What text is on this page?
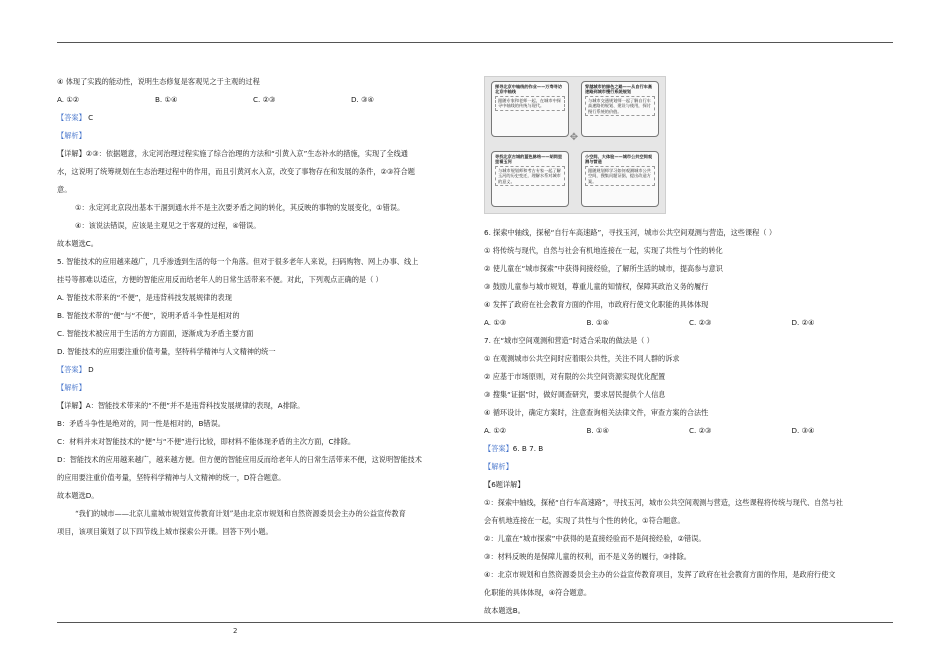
④ 体现了实践的能动性，说明生态修复是客观见之于主观的过程
A. ①②	B. ①④	C. ②③	D. ③④
【答案】 C
【解析】
【详解】②③：依据题意，永定河治理过程实施了综合治理的方法和“引黄入京”生态补水的措施，实现了全线通
水，这说明了统筹规划在生态治理过程中的作用，而且引黄河水入京，改变了事物存在和发展的条件，②③符合题
意。
①：永定河北京段出基本干涸到通水并不是主次要矛盾之间的转化，其反映的事物的发展变化，①错误。
④：该说法错误，应该是主观见之于客观的过程，④错误。
故本题选C。
5. 智能技术的应用越来越广，几乎渗透到生活的每一个角落。但对于很多老年人来说，扫码购物、网上办事、线上
挂号等都难以适应，方便的智能应用反而给老年人的日常生活带来不便。对此，下列观点正确的是（ ）
A. 智能技术带来的“不便”，是违背科技发展规律的表现
B. 智能技术带的“便”与“不便”，说明矛盾斗争性是相对的
C. 智能技术被应用于生活的方方面面，逐渐成为矛盾主要方面
D. 智能技术的应用要注重价值考量，坚特科学精神与人文精神的统一
【答案】 D
【解析】
【详解】A：智能技术带来的“不便”并不是违背科技发展规律的表现，A排除。
B：矛盾斗争性是绝对的，同一性是相对的，B错误。
C：材料并未对智能技术的“便”与“不便”进行比较，即材料不能体现矛盾的主次方面，C排除。
D：智能技术的应用越来越广，越来越方便。但方便的智能应用反而给老年人的日常生活带来不便，这说明智能技术
的应用要注重价值考量，坚特科学精神与人文精神的统一，D符合题意。
故本题选D。
“我们的城市——北京儿童城市规划宣传教育计划”是由北京市规划和自然资源委员会主办的公益宣传教育
项目，该项目策划了以下四节线上城市探索公开课。回答下列小题。
探寻北京中轴线的作业——万寿寻访北京中轴线
跟随专家和老师一起，在城市中探寻中轴线的传统与现代。
穿越城市的绿色之路——从自行车高速路到城市慢行系统规划
与城市交通规划师一起了解自行车高速路的规划、建设与使用，探讨慢行系统的价值。
✥
寻找北京古城的蓝色脉络——胡同里里看玉河
与城市规划师和考古专家一起了解玉河的历史变迁，理解水系对城市的意义。
小空间、大体验——城市公共空间观测与营造
跟随规划师学习如何观测城市公共空间，搜集问题证据，提出改造方案。
6. 探索中轴线，探秘“自行车高速路”，寻找玉河，城市公共空间观测与营造，这些课程（ ）
① 将传统与现代，自然与社会有机地连接在一起，实现了共性与个性的转化
② 使儿童在“城市探索”中获得间接经验，了解所生活的城市，提高参与意识
③ 鼓励儿童参与城市规划，尊重儿童的知情权，保障其政治义务的履行
④ 发挥了政府在社会教育方面的作用，市政府行使文化职能的具体体现
A. ①③	B. ①④	C. ②③	D. ②④
7. 在“城市空间观测和营造”时适合采取的做法是（ ）
① 在观测城市公共空间时应着眼公共性，关注不同人群的诉求
② 应基于市场原则，对有限的公共空间资源实现优化配置
③ 搜集“证据”时，做好调查研究，要求居民提供个人信息
④ 循环设计，确定方案时，注意查询相关法律文件，审查方案的合法性
A. ①②	B. ①④	C. ②③	D. ③④
【答案】6. B 7. B
【解析】
【6题详解】
①：探索中轴线，探秘“自行车高速路”，寻找玉河，城市公共空间观测与营造，这些课程将传统与现代、自然与社
会有机地连接在一起，实现了共性与个性的转化，①符合题意。
②：儿童在“城市探索”中获得的是直接经验而不是间接经验，②错误。
③：材料反映的是保障儿童的权利，而不是义务的履行，③排除。
④：北京市规划和自然资源委员会主办的公益宣传教育项目，发挥了政府在社会教育方面的作用，是政府行使文
化职能的具体体现，④符合题意。
故本题选B。
2
